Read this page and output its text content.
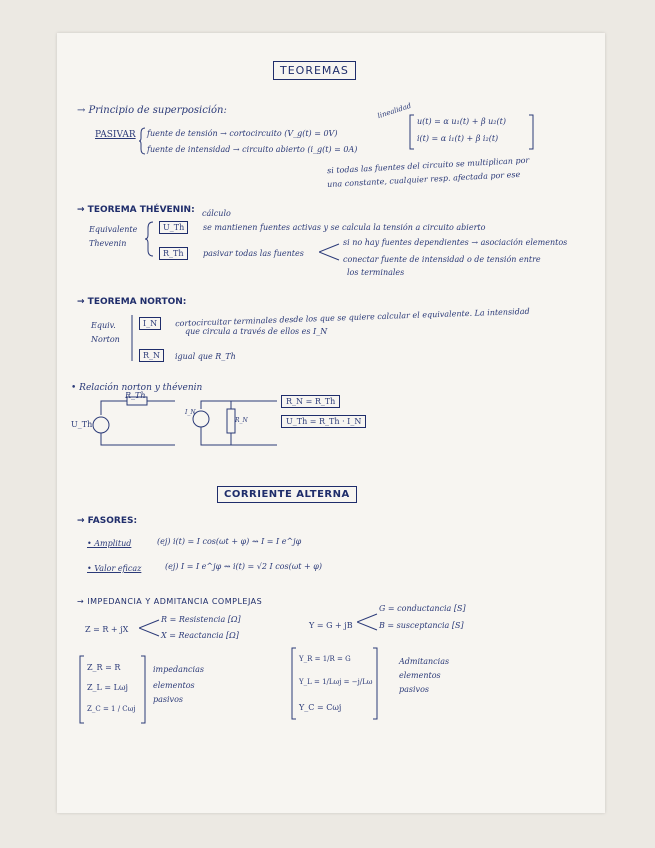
TEOREMAS
→ Principio de superposición:
PASIVAR fuente de tensión → cortocircuito (V_g(t) = 0V)
fuente de intensidad → circuito abierto (i_g(t) = 0A)
linealidad
u(t) = α u₁(t) + β u₂(t)
i(t) = α i₁(t) + β i₂(t)
si todas las fuentes del circuito se multiplican por
una constante, cualquier resp. afectada por ese
→ TEOREMA THÉVENIN: cálculo
Equivalente
Thevenin
U_Th	se mantienen fuentes activas y se calcula la tensión a circuito abierto
R_Th	pasivar todas las fuentes
si no hay fuentes dependientes → asociación elementos
conectar fuente de intensidad o de tensión entre
los terminales
→ TEOREMA NORTON:
Equiv.
Norton
I_N	cortocircuitar terminales desde los que se quiere calcular el equivalente. La intensidad
que circula a través de ellos es I_N
R_N	igual que R_Th
• Relación norton y thévenin
R_Th
U_Th
I_N
R_N
R_N = R_Th
U_Th = R_Th · I_N
CORRIENTE ALTERNA
→ FASORES:
• Amplitud	(ej) i(t) = I cos(ωt + φ) ⇝ I = I e^jφ
• Valor eficaz	(ej) I = I e^jφ ⇝ i(t) = √2 I cos(ωt + φ)
→ IMPEDANCIA Y ADMITANCIA COMPLEJAS
Z = R + jX
R = Resistencia [Ω]
X = Reactancia [Ω]
Y = G + jB
G = conductancia [S]
B = susceptancia [S]
Z_R = R
Z_L = Lωj
Z_C = 1 / Cωj
impedancias
elementos
pasivos
Y_R = 1/R = G
Y_L = 1/Lωj = −j/Lω
Y_C = Cωj
Admitancias
elementos
pasivos
